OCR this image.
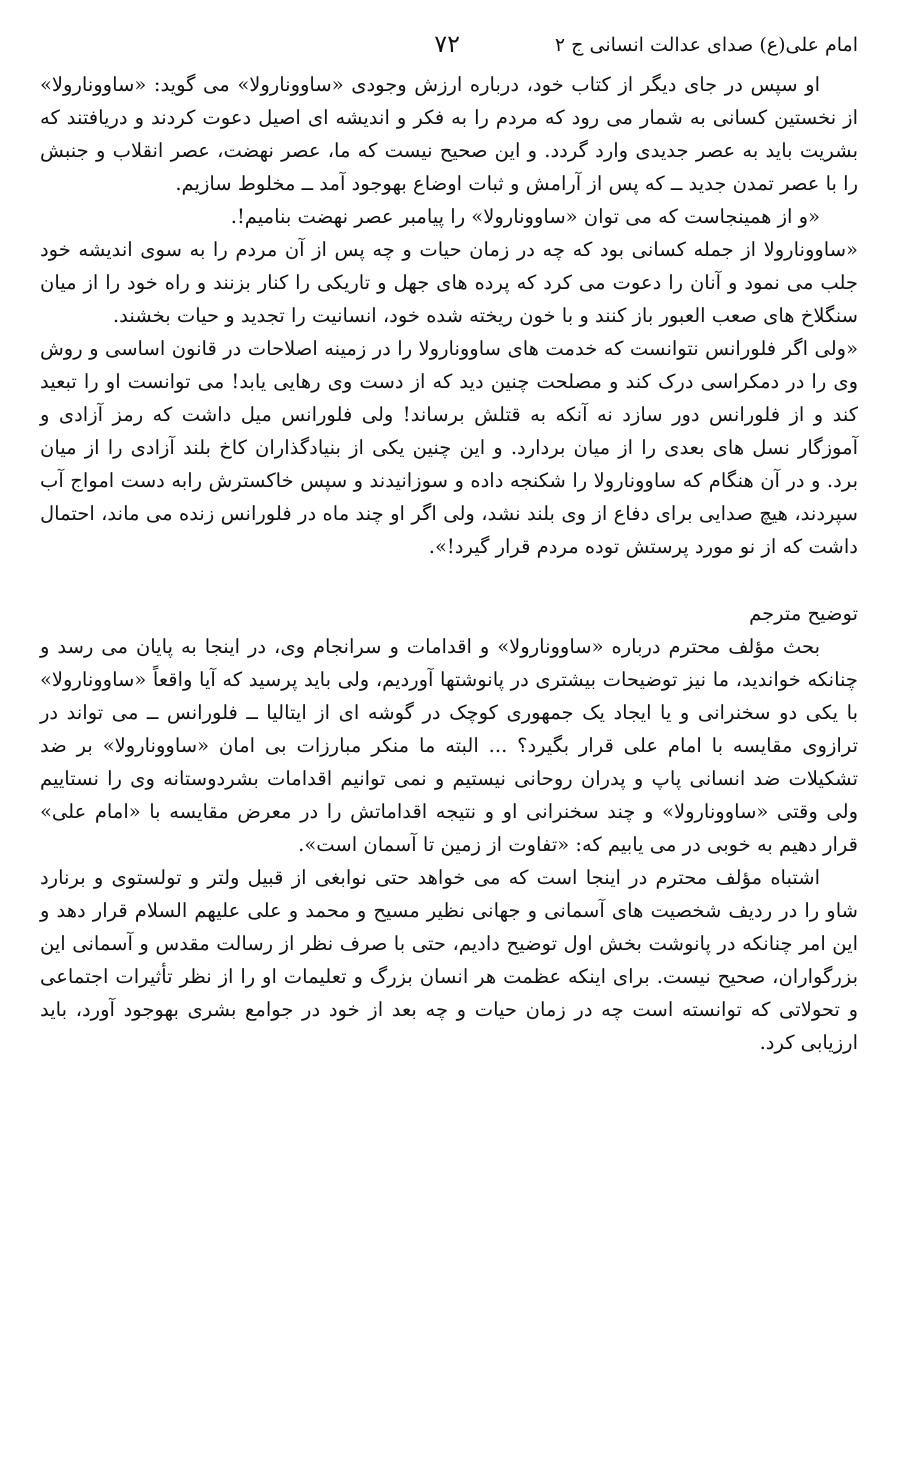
امام علی(ع) صدای عدالت انسانی ج ۲
۷۲

او سپس در جای دیگر از کتاب خود، درباره ارزش وجودی «ساوونارولا» می گوید: «ساوونارولا» از نخستین کسانی به شمار می رود که مردم را به فکر و اندیشه ای اصیل دعوت کردند و دریافتند که بشریت باید به عصر جدیدی وارد گردد. و این صحیح نیست که ما، عصر نهضت، عصر انقلاب و جنبش را با عصر تمدن جدید ــ که پس از آرامش و ثبات اوضاع بهوجود آمد ــ مخلوط سازیم.

«و از همینجاست که می توان «ساوونارولا» را پیامبر عصر نهضت بنامیم!.

«ساوونارولا از جمله کسانی بود که چه در زمان حیات و چه پس از آن مردم را به سوی اندیشه خود جلب می نمود و آنان را دعوت می کرد که پرده های جهل و تاریکی را کنار بزنند و راه خود را از میان سنگلاخ های صعب العبور باز کنند و با خون ریخته شده خود، انسانیت را تجدید و حیات بخشند.

«ولی اگر فلورانس نتوانست که خدمت های ساوونارولا را در زمینه اصلاحات در قانون اساسی و روش وی را در دمکراسی درک کند و مصلحت چنین دید که از دست وی رهایی یابد! می توانست او را تبعید کند و از فلورانس دور سازد نه آنکه به قتلش برساند! ولی فلورانس میل داشت که رمز آزادی و آموزگار نسل های بعدی را از میان بردارد. و این چنین یکی از بنیادگذاران کاخ بلند آزادی را از میان برد. و در آن هنگام که ساوونارولا را شکنجه داده و سوزانیدند و سپس خاکسترش رابه دست امواج آب سپردند، هیچ صدایی برای دفاع از وی بلند نشد، ولی اگر او چند ماه در فلورانس زنده می ماند، احتمال داشت که از نو مورد پرستش توده مردم قرار گیرد!».

توضیح مترجم

بحث مؤلف محترم درباره «ساوونارولا» و اقدامات و سرانجام وی، در اینجا به پایان می رسد و چنانکه خواندید، ما نیز توضیحات بیشتری در پانوشتها آوردیم، ولی باید پرسید که آیا واقعاً «ساوونارولا» با یکی دو سخنرانی و یا ایجاد یک جمهوری کوچک در گوشه ای از ایتالیا ــ فلورانس ــ می تواند در ترازوی مقایسه با امام علی قرار بگیرد؟ ... البته ما منکر مبارزات بی امان «ساوونارولا» بر ضد تشکیلات ضد انسانی پاپ و پدران روحانی نیستیم و نمی توانیم اقدامات بشردوستانه وی را نستاییم ولی وقتی «ساوونارولا» و چند سخنرانی او و نتیجه اقداماتش را در معرض مقایسه با «امام علی» قرار دهیم به خوبی در می یابیم که: «تفاوت از زمین تا آسمان است».

اشتباه مؤلف محترم در اینجا است که می خواهد حتی نوابغی از قبیل ولتر و تولستوی و برنارد شاو را در ردیف شخصیت های آسمانی و جهانی نظیر مسیح و محمد و علی علیهم السلام قرار دهد و این امر چنانکه در پانوشت بخش اول توضیح دادیم، حتی با صرف نظر از رسالت مقدس و آسمانی این بزرگواران، صحیح نیست. برای اینکه عظمت هر انسان بزرگ و تعلیمات او را از نظر تأثیرات اجتماعی و تحولاتی که توانسته است چه در زمان حیات و چه بعد از خود در جوامع بشری بهوجود آورد، باید ارزیابی کرد.
